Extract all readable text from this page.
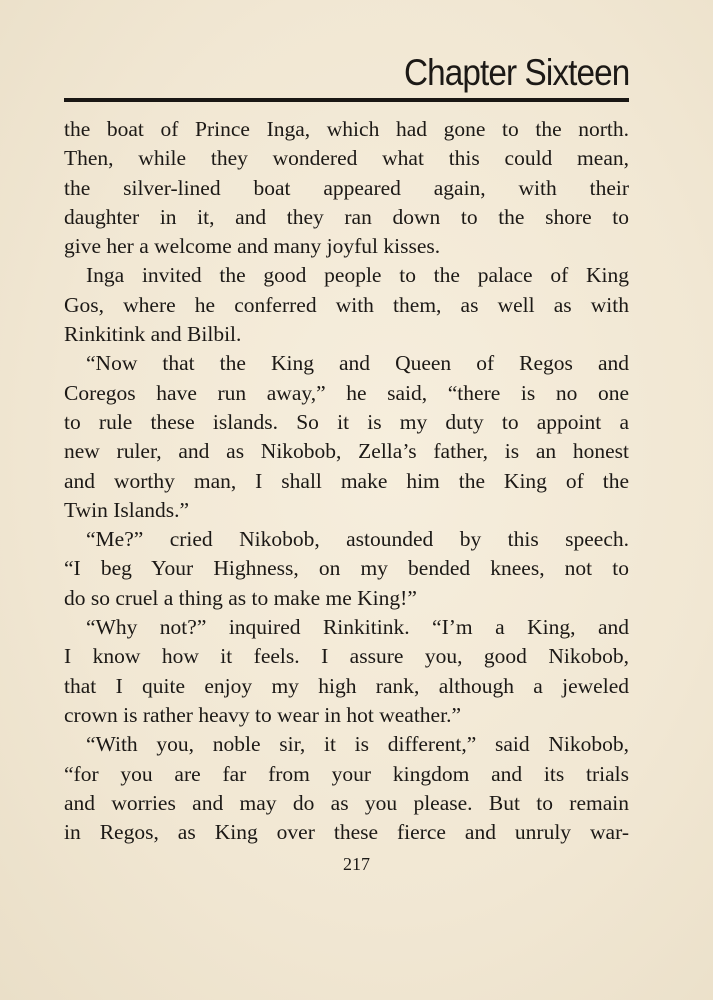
Chapter Sixteen
the boat of Prince Inga, which had gone to the north.
Then, while they wondered what this could mean,
the silver-lined boat appeared again, with their
daughter in it, and they ran down to the shore to
give her a welcome and many joyful kisses.
Inga invited the good people to the palace of King
Gos, where he conferred with them, as well as with
Rinkitink and Bilbil.
“Now that the King and Queen of Regos and
Coregos have run away,” he said, “there is no one
to rule these islands. So it is my duty to appoint a
new ruler, and as Nikobob, Zella’s father, is an honest
and worthy man, I shall make him the King of the
Twin Islands.”
“Me?” cried Nikobob, astounded by this speech.
“I beg Your Highness, on my bended knees, not to
do so cruel a thing as to make me King!”
“Why not?” inquired Rinkitink. “I’m a King, and
I know how it feels. I assure you, good Nikobob,
that I quite enjoy my high rank, although a jeweled
crown is rather heavy to wear in hot weather.”
“With you, noble sir, it is different,” said Nikobob,
“for you are far from your kingdom and its trials
and worries and may do as you please. But to remain
in Regos, as King over these fierce and unruly war-
217
